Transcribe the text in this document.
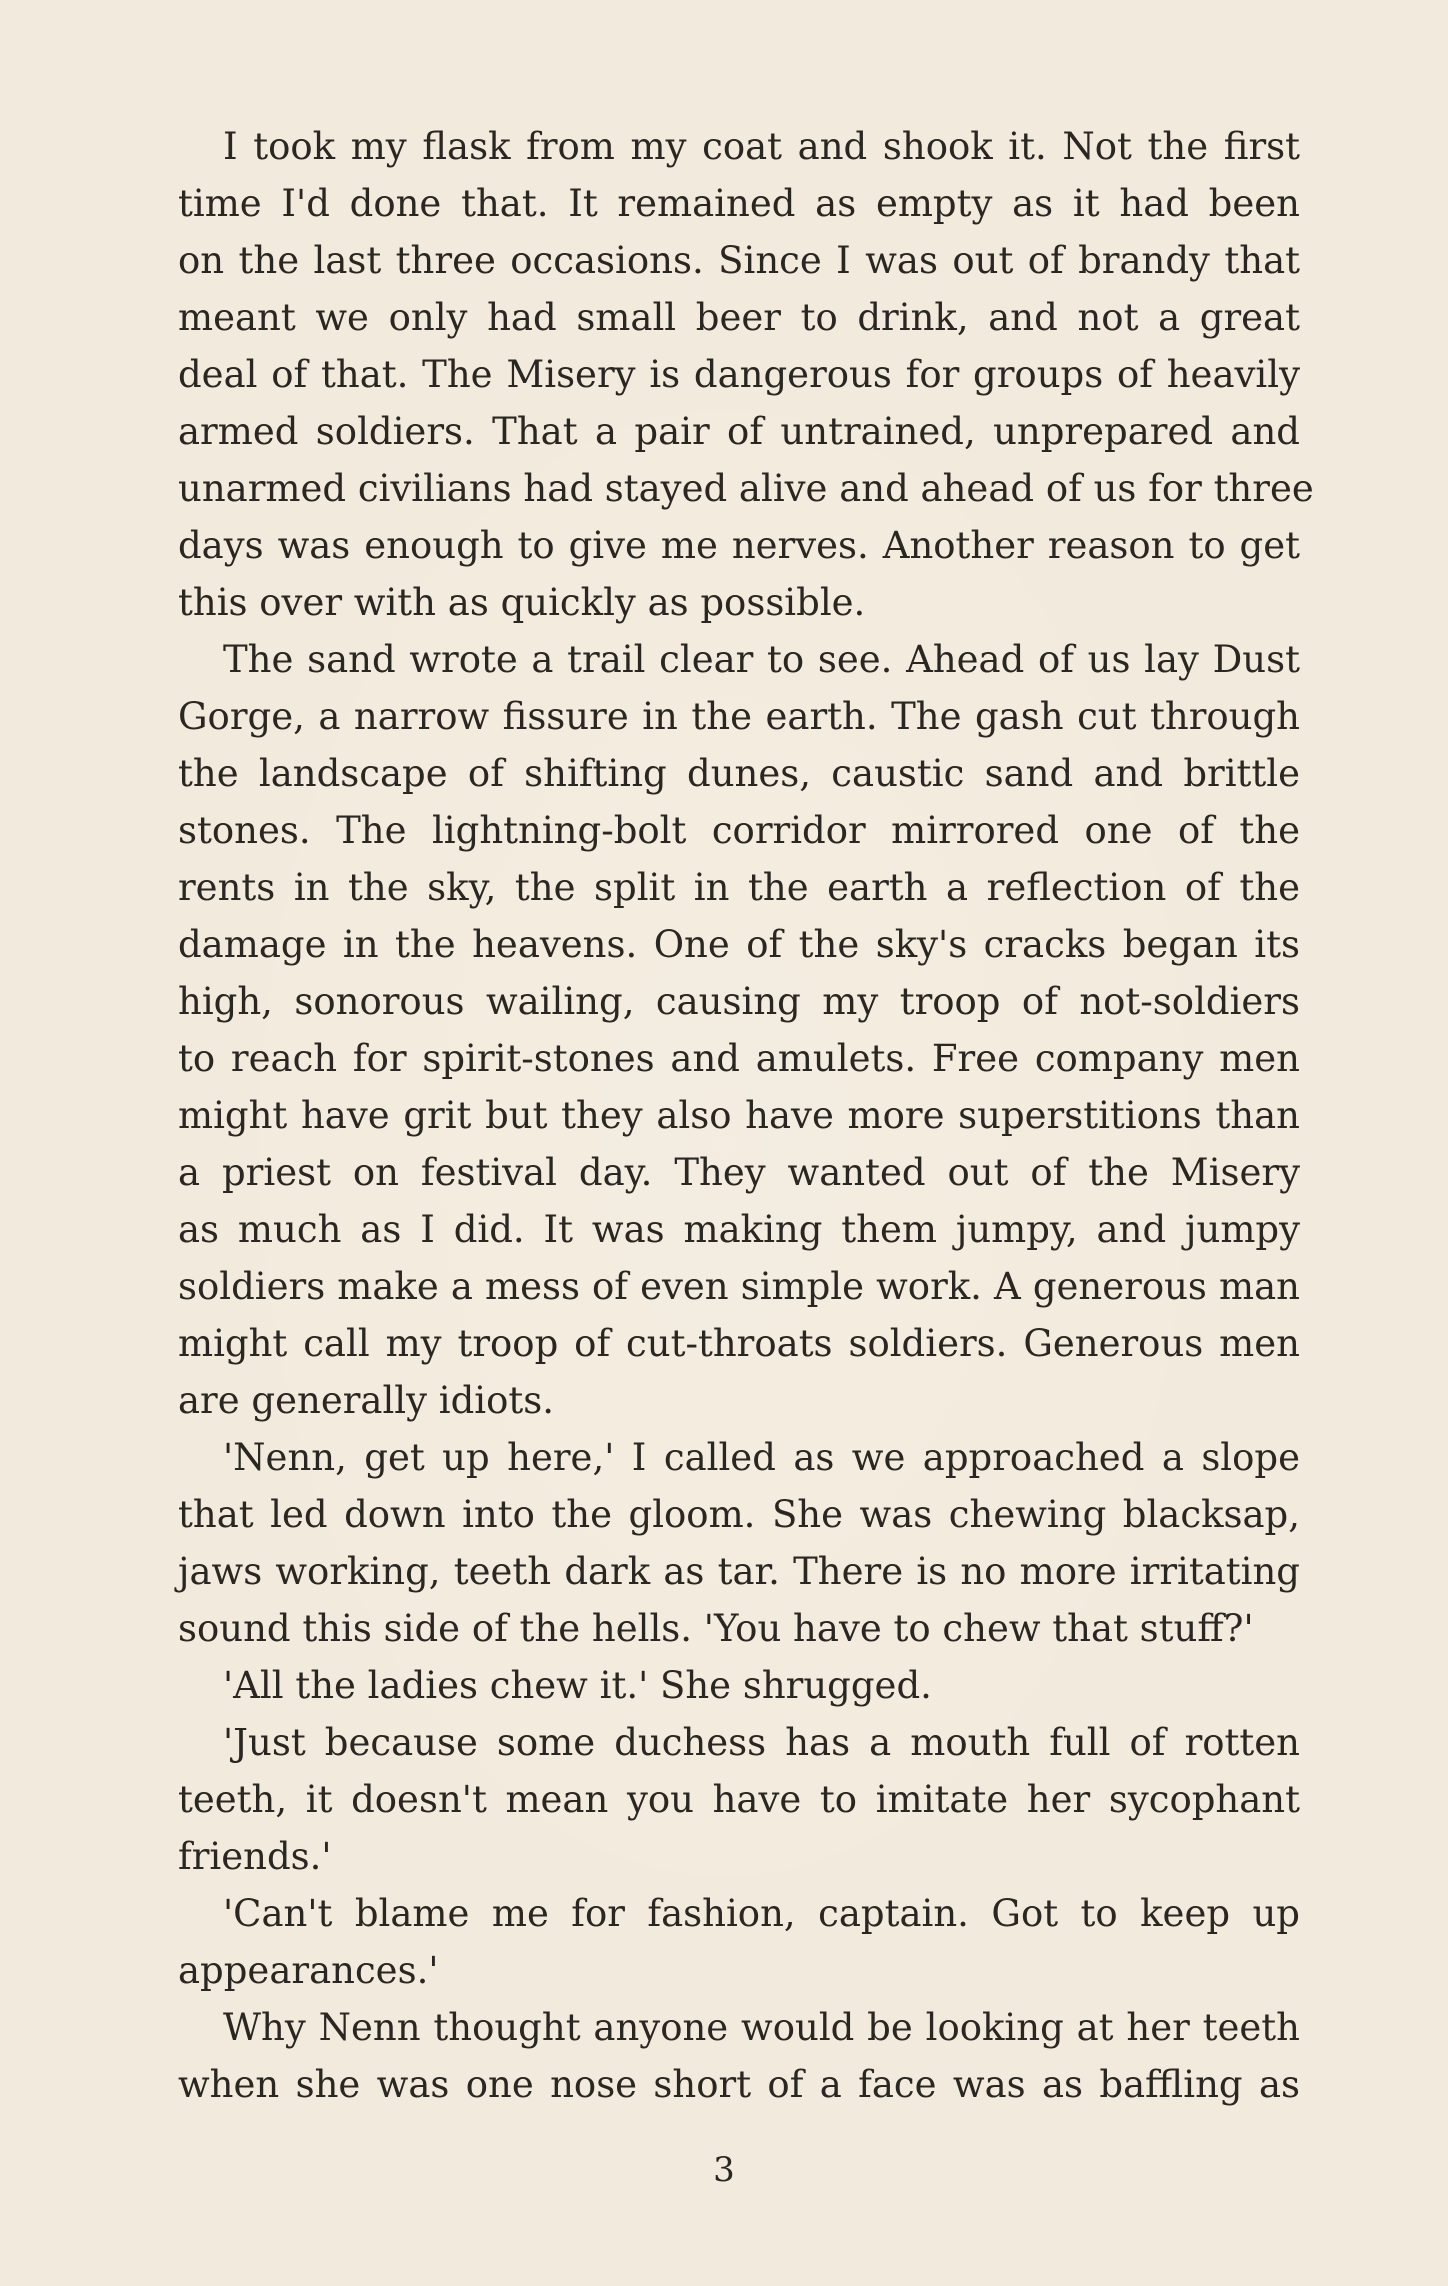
I took my flask from my coat and shook it. Not the first
time I'd done that. It remained as empty as it had been
on the last three occasions. Since I was out of brandy that
meant we only had small beer to drink, and not a great
deal of that. The Misery is dangerous for groups of heavily
armed soldiers. That a pair of untrained, unprepared and
unarmed civilians had stayed alive and ahead of us for three
days was enough to give me nerves. Another reason to get
this over with as quickly as possible.
The sand wrote a trail clear to see. Ahead of us lay Dust
Gorge, a narrow fissure in the earth. The gash cut through
the landscape of shifting dunes, caustic sand and brittle
stones. The lightning-bolt corridor mirrored one of the
rents in the sky, the split in the earth a reflection of the
damage in the heavens. One of the sky's cracks began its
high, sonorous wailing, causing my troop of not-soldiers
to reach for spirit-stones and amulets. Free company men
might have grit but they also have more superstitions than
a priest on festival day. They wanted out of the Misery
as much as I did. It was making them jumpy, and jumpy
soldiers make a mess of even simple work. A generous man
might call my troop of cut-throats soldiers. Generous men
are generally idiots.
'Nenn, get up here,' I called as we approached a slope
that led down into the gloom. She was chewing blacksap,
jaws working, teeth dark as tar. There is no more irritating
sound this side of the hells. 'You have to chew that stuff?'
'All the ladies chew it.' She shrugged.
'Just because some duchess has a mouth full of rotten
teeth, it doesn't mean you have to imitate her sycophant
friends.'
'Can't blame me for fashion, captain. Got to keep up
appearances.'
Why Nenn thought anyone would be looking at her teeth
when she was one nose short of a face was as baffling as
3
